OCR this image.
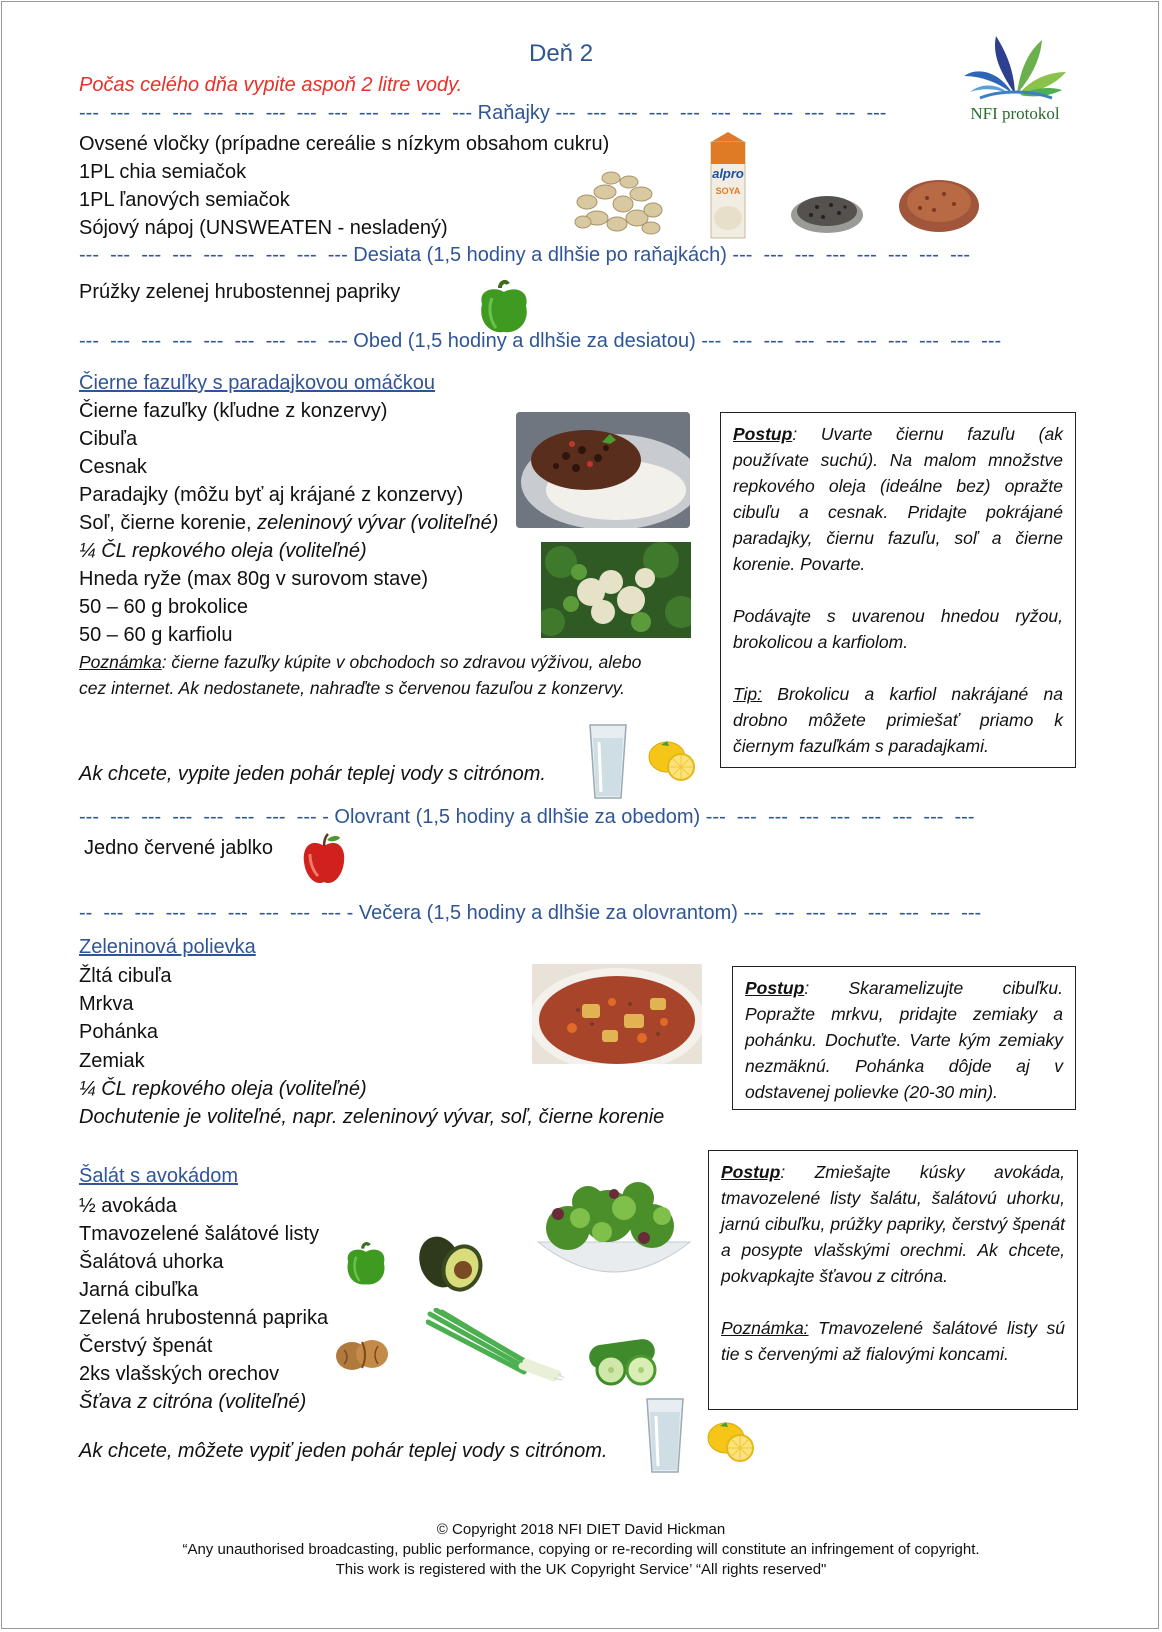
Deň 2
Počas celého dňa vypite aspoň 2 litre vody.
NFI protokol
---  ---  ---  ---  ---  ---  ---  ---  ---  ---  ---  ---  --- Raňajky ---  ---  ---  ---  ---  ---  ---  ---  ---  ---  ---
Ovsené vločky (prípadne cereálie s nízkym obsahom cukru)
1PL chia semiačok
1PL ľanových semiačok
Sójový nápoj (UNSWEATEN - nesladený)
alpro
SOYA
---  ---  ---  ---  ---  ---  ---  ---  --- Desiata (1,5 hodiny a dlhšie po raňajkách) ---  ---  ---  ---  ---  ---  ---  ---
Prúžky zelenej hrubostennej papriky
---  ---  ---  ---  ---  ---  ---  ---  --- Obed (1,5 hodiny a dlhšie za desiatou) ---  ---  ---  ---  ---  ---  ---  ---  ---  ---
Čierne fazuľky s paradajkovou omáčkou
Čierne fazuľky (kľudne z konzervy)
Cibuľa
Cesnak
Paradajky (môžu byť aj krájané z konzervy)
Soľ, čierne korenie, zeleninový vývar (voliteľné)
¼ ČL repkového oleja (voliteľné)
Hneda ryže (max 80g v surovom stave)
50 – 60 g brokolice
50 – 60 g karfiolu
Poznámka: čierne fazuľky kúpite v obchodoch so zdravou výživou, alebo
cez internet. Ak nedostanete, nahraďte s červenou fazuľou z konzervy.
Ak chcete, vypite jeden pohár teplej vody s citrónom.

Postup: Uvarte čiernu fazuľu (ak používate suchú). Na malom množstve repkového oleja (ideálne bez) opražte cibuľu a cesnak. Pridajte pokrájané paradajky, čiernu fazuľu, soľ a čierne korenie. Povarte.

Podávajte s uvarenou hnedou ryžou, brokolicou a karfiolom.

Tip: Brokolicu a karfiol nakrájané na drobno môžete primiešať priamo k čiernym fazuľkám s paradajkami.

---  ---  ---  ---  ---  ---  ---  --- - Olovrant (1,5 hodiny a dlhšie za obedom) ---  ---  ---  ---  ---  ---  ---  ---  ---
Jedno červené jablko
--  ---  ---  ---  ---  ---  ---  ---  --- - Večera (1,5 hodiny a dlhšie za olovrantom) ---  ---  ---  ---  ---  ---  ---  ---
Zeleninová polievka
Žltá cibuľa
Mrkva
Pohánka
Zemiak
¼ ČL repkového oleja (voliteľné)
Dochutenie je voliteľné, napr. zeleninový vývar, soľ, čierne korenie

Postup: Skaramelizujte cibuľku. Popražte mrkvu, pridajte zemiaky a pohánku. Dochuťte. Varte kým zemiaky nezmäknú. Pohánka dôjde aj v odstavenej polievke (20-30 min).

Šalát s avokádom
½ avokáda
Tmavozelené šalátové listy
Šalátová uhorka
Jarná cibuľka
Zelená hrubostenná paprika
Čerstvý špenát
2ks vlašských orechov
Šťava z citróna (voliteľné)
Ak chcete, môžete vypiť jeden pohár teplej vody s citrónom.

Postup: Zmiešajte kúsky avokáda, tmavozelené listy šalátu, šalátovú uhorku, jarnú cibuľku, prúžky papriky, čerstvý špenát a posypte vlašskými orechmi. Ak chcete, pokvapkajte šťavou z citróna.

Poznámka: Tmavozelené šalátové listy sú tie s červenými až fialovými koncami.

© Copyright 2018 NFI DIET David Hickman
“Any unauthorised broadcasting, public performance, copying or re-recording will constitute an infringement of copyright.
This work is registered with the UK Copyright Service’ “All rights reserved"
